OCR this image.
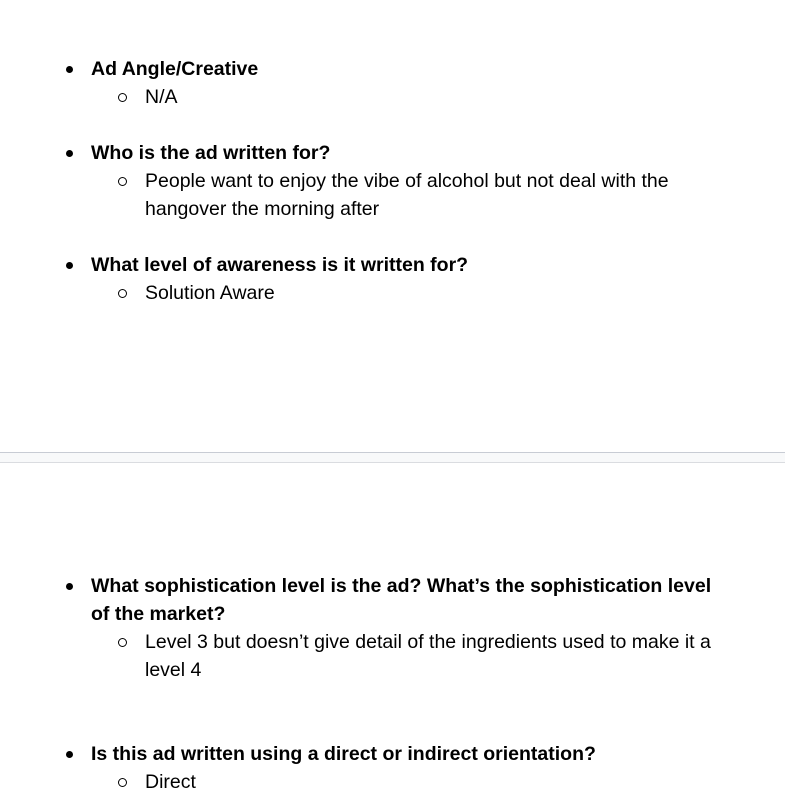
Ad Angle/Creative
N/A
Who is the ad written for?
People want to enjoy the vibe of alcohol but not deal with the hangover the morning after
What level of awareness is it written for?
Solution Aware
What sophistication level is the ad? What’s the sophistication level of the market?
Level 3 but doesn’t give detail of the ingredients used to make it a level 4
Is this ad written using a direct or indirect orientation?
Direct
